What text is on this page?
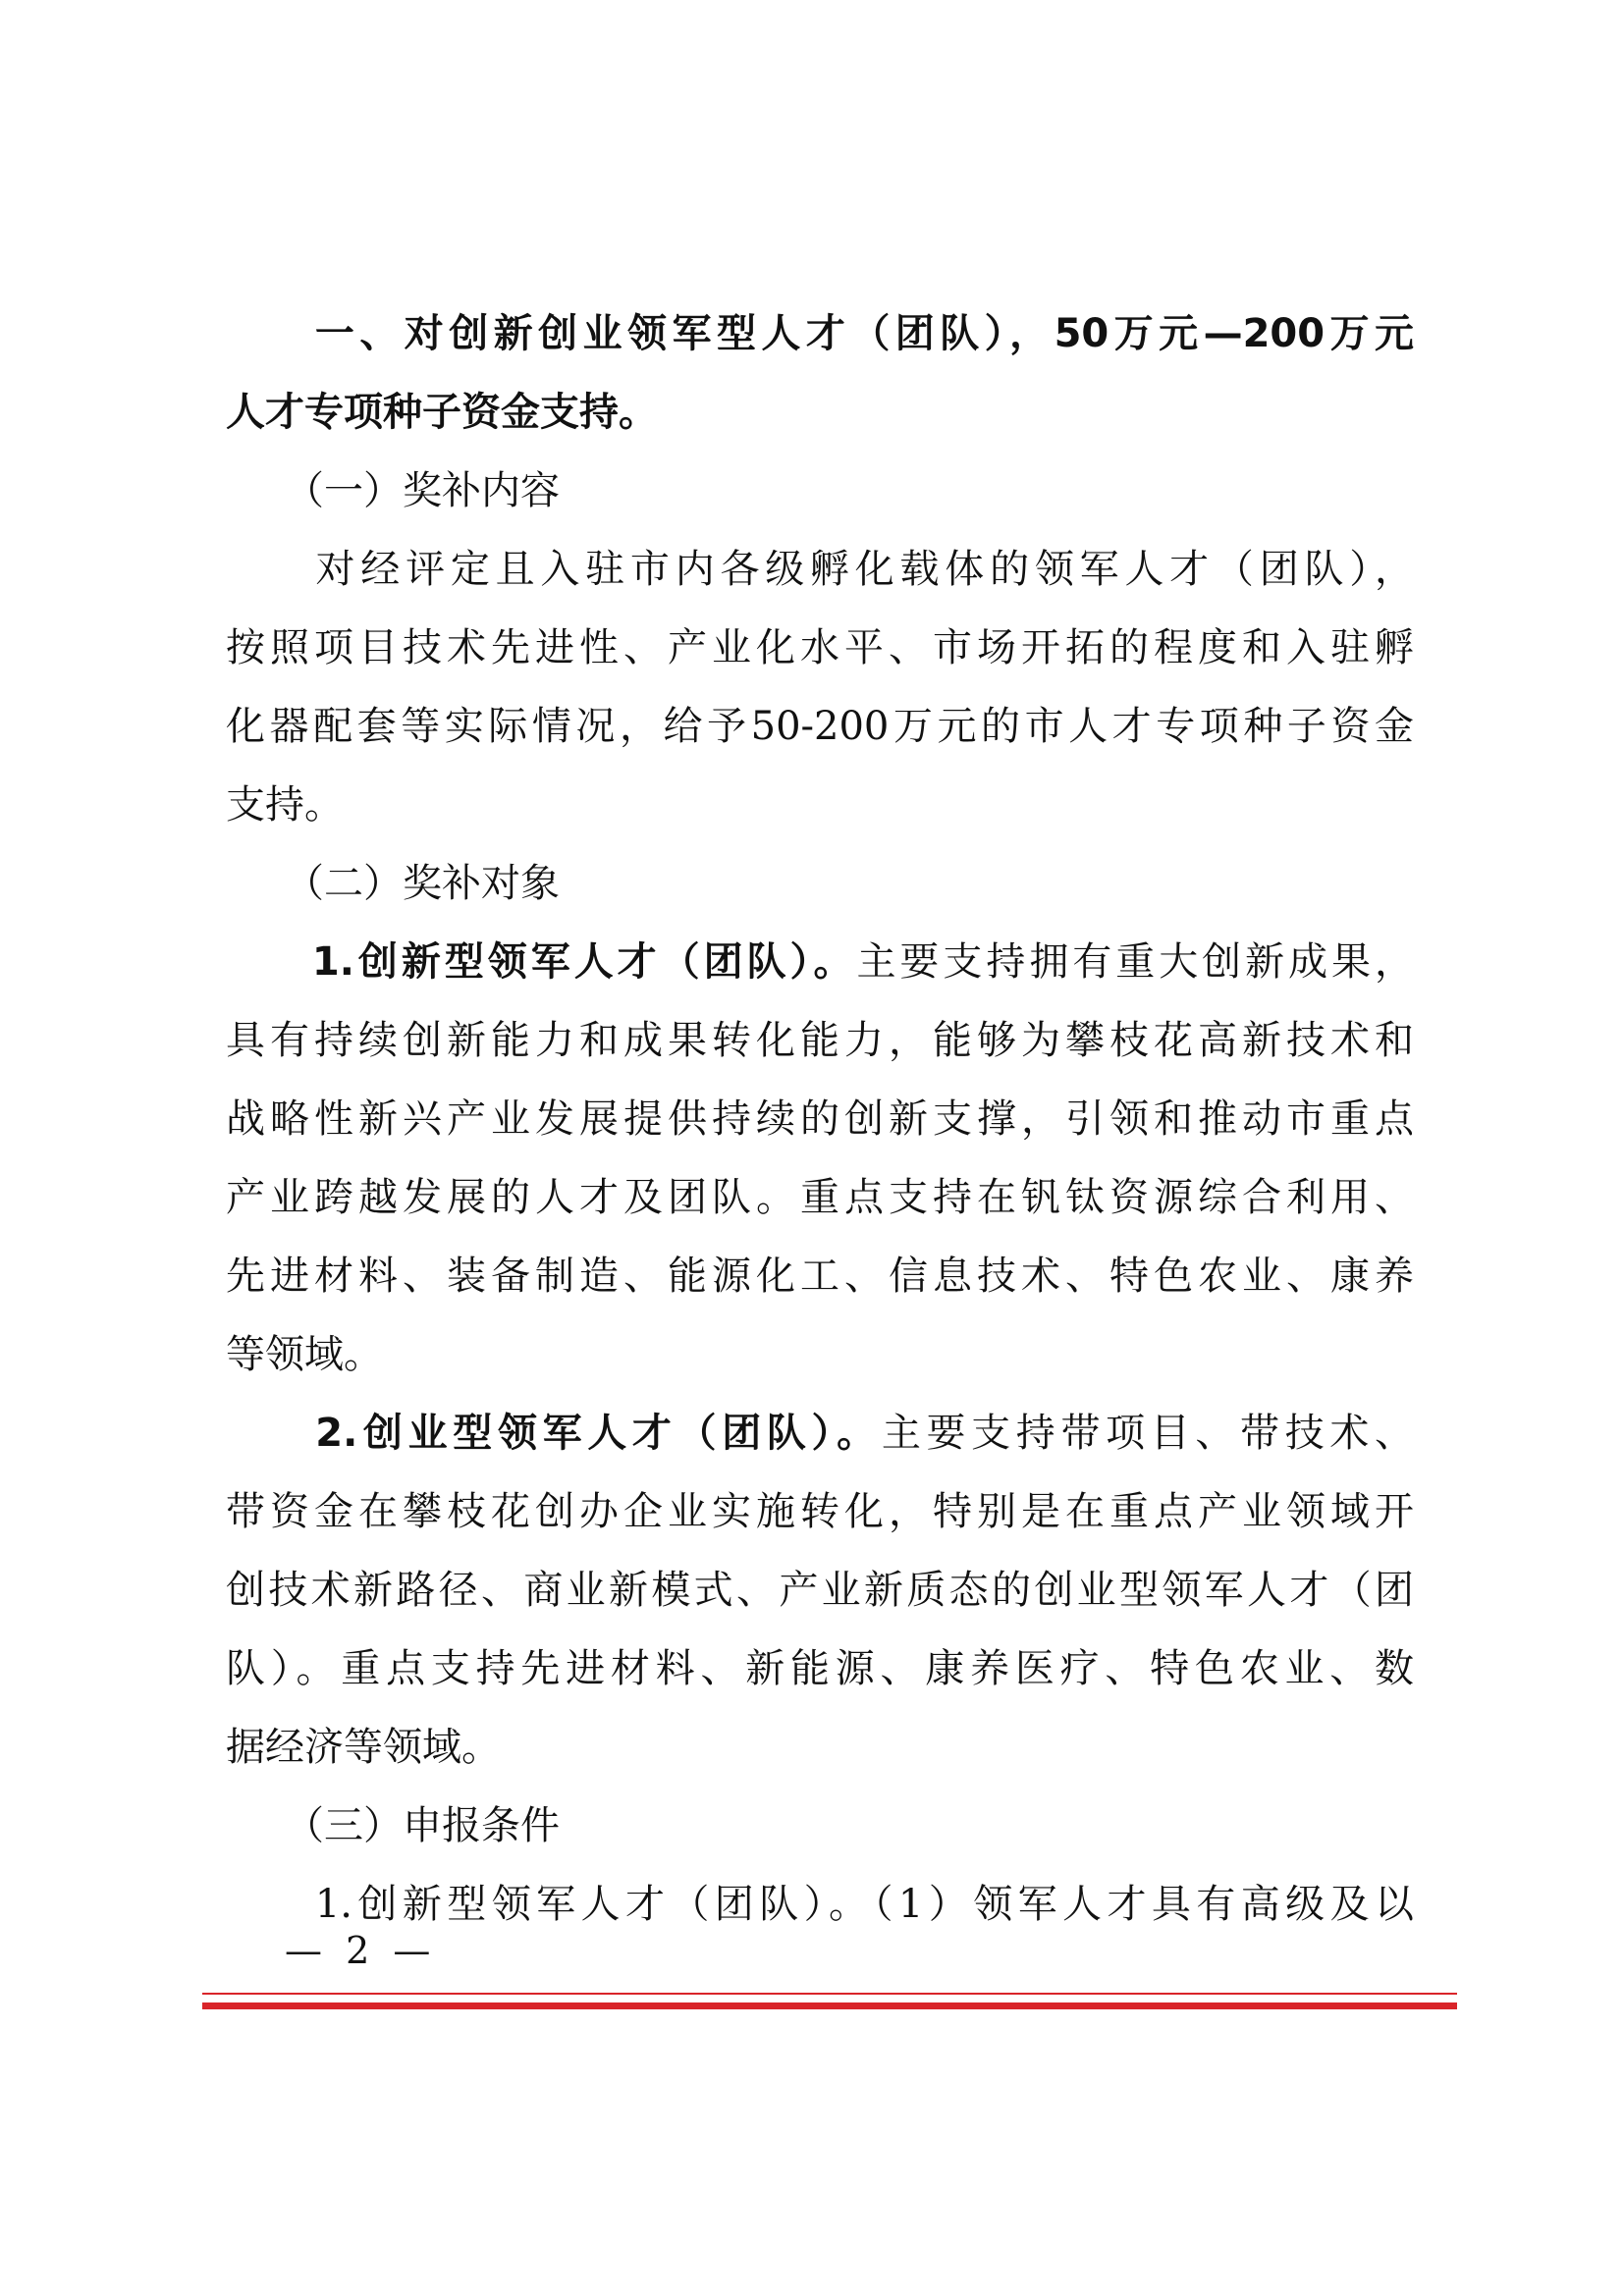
　　一、对创新创业领军型人才（团队），50万元—200万元
人才专项种子资金支持。
　　（一）奖补内容
　　对经评定且入驻市内各级孵化载体的领军人才（团队），
按照项目技术先进性、产业化水平、市场开拓的程度和入驻孵
化器配套等实际情况，给予50-200万元的市人才专项种子资金
支持。
　　（二）奖补对象
　　1.创新型领军人才（团队）。主要支持拥有重大创新成果，
具有持续创新能力和成果转化能力，能够为攀枝花高新技术和
战略性新兴产业发展提供持续的创新支撑，引领和推动市重点
产业跨越发展的人才及团队。重点支持在钒钛资源综合利用、
先进材料、装备制造、能源化工、信息技术、特色农业、康养
等领域。
　　2.创业型领军人才（团队）。主要支持带项目、带技术、
带资金在攀枝花创办企业实施转化，特别是在重点产业领域开
创技术新路径、商业新模式、产业新质态的创业型领军人才（团
队）。重点支持先进材料、新能源、康养医疗、特色农业、数
据经济等领域。
　　（三）申报条件
　　1.创新型领军人才（团队）。（1）领军人才具有高级及以
— 2 —
